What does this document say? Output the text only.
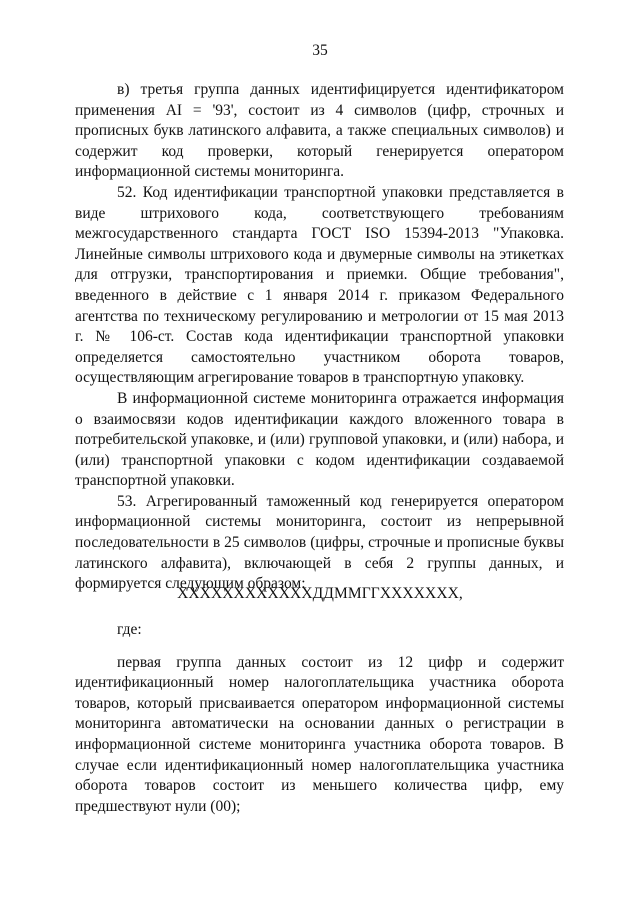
35

в) третья группа данных идентифицируется идентификатором применения AI = '93', состоит из 4 символов (цифр, строчных и прописных букв латинского алфавита, а также специальных символов) и содержит код проверки, который генерируется оператором информационной системы мониторинга.

52. Код идентификации транспортной упаковки представляется в виде штрихового кода, соответствующего требованиям межгосударственного стандарта ГОСТ ISO 15394-2013 "Упаковка. Линейные символы штрихового кода и двумерные символы на этикетках для отгрузки, транспортирования и приемки. Общие требования", введенного в действие с 1 января 2014 г. приказом Федерального агентства по техническому регулированию и метрологии от 15 мая 2013 г. № 106-ст. Состав кода идентификации транспортной упаковки определяется самостоятельно участником оборота товаров, осуществляющим агрегирование товаров в транспортную упаковку.

В информационной системе мониторинга отражается информация о взаимосвязи кодов идентификации каждого вложенного товара в потребительской упаковке, и (или) групповой упаковки, и (или) набора, и (или) транспортной упаковки с кодом идентификации создаваемой транспортной упаковки.

53. Агрегированный таможенный код генерируется оператором информационной системы мониторинга, состоит из непрерывной последовательности в 25 символов (цифры, строчные и прописные буквы латинского алфавита), включающей в себя 2 группы данных, и формируется следующим образом:

XXXXXXXXXXXXДДММГГXXXXXXX,

где:

первая группа данных состоит из 12 цифр и содержит идентификационный номер налогоплательщика участника оборота товаров, который присваивается оператором информационной системы мониторинга автоматически на основании данных о регистрации в информационной системе мониторинга участника оборота товаров. В случае если идентификационный номер налогоплательщика участника оборота товаров состоит из меньшего количества цифр, ему предшествуют нули (00);
